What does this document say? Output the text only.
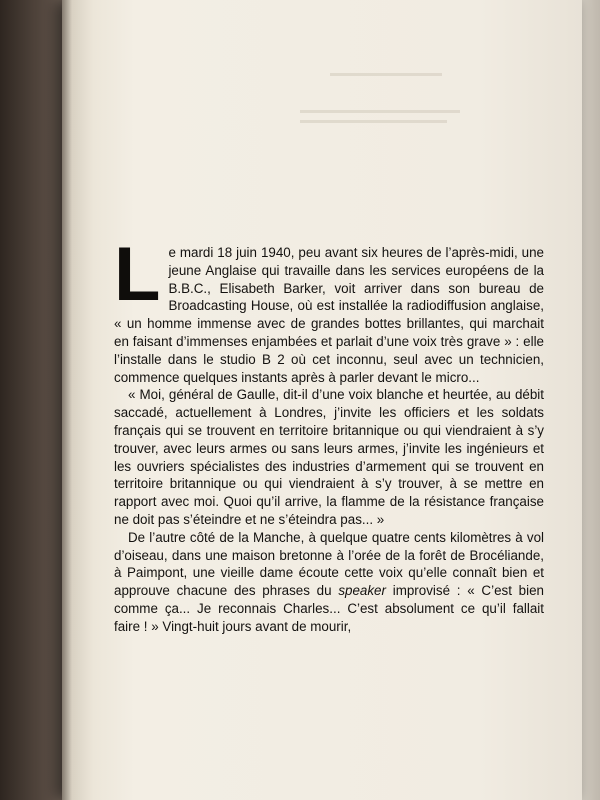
Le mardi 18 juin 1940, peu avant six heures de l’après-midi, une jeune Anglaise qui travaille dans les services européens de la B.B.C., Elisabeth Barker, voit arriver dans son bureau de Broadcasting House, où est installée la radiodiffusion anglaise, « un homme immense avec de grandes bottes brillantes, qui marchait en faisant d’immenses enjambées et parlait d’une voix très grave » : elle l’installe dans le studio B 2 où cet inconnu, seul avec un technicien, commence quelques instants après à parler devant le micro...

« Moi, général de Gaulle, dit-il d’une voix blanche et heurtée, au débit saccadé, actuellement à Londres, j’invite les officiers et les soldats français qui se trouvent en territoire britannique ou qui viendraient à s’y trouver, avec leurs armes ou sans leurs armes, j’invite les ingénieurs et les ouvriers spécialistes des industries d’armement qui se trouvent en territoire britannique ou qui viendraient à s’y trouver, à se mettre en rapport avec moi. Quoi qu’il arrive, la flamme de la résistance française ne doit pas s’éteindre et ne s’éteindra pas... »

De l’autre côté de la Manche, à quelque quatre cents kilomètres à vol d’oiseau, dans une maison bretonne à l’orée de la forêt de Brocéliande, à Paimpont, une vieille dame écoute cette voix qu’elle connaît bien et approuve chacune des phrases du speaker improvisé : « C’est bien comme ça... Je reconnais Charles... C’est absolument ce qu’il fallait faire ! » Vingt-huit jours avant de mourir,
